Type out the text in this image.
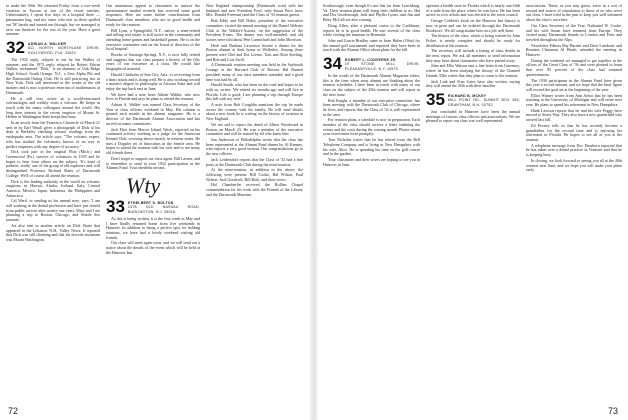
to make the 50th. We returned Friday from a two-week vacation in Tucson at one of the resort ranches. Unfortunately, I spent five days in a hospital there — pneumonia bug, and my sister who met us there spelled out 'M' hassle and nursed me through, but we managed to save our finances for the rest of the year. Have a great summer.

32 ADRIAN A. WALKER
811 NORTH NORTHLAKE DRIVE, HOLLYWOOD, FLA. 33020

The 1932 reply, relayed to me by the Walker of summer, and the 1972 reply, relayed by Robert Edwin Walker, nicknamed "Dick," is an alumnus of Oak Ridge High School, South Orange, N.J., a Zeta Alpha Phi and the Dartmouth Outing Club. He is still practicing law in New York. Dick still interested in the works of the old masters and is now a professor emeritus of mathematics at Dartmouth.

He is still very active as a world-renowned volcanologist and weekly visits a volcano. He keeps in touch with his many colleagues around the world. His long time interest in the recent eruption of Mount St. Helens in Washington State keeps him busy.

In an article from the Francisco Chronicle of March 21 sent in by Earl Wasili gives a photograph of Dick at his desk at Berkeley checking seismic readings from the earthquake area. The article says, "The volcanic expert, who has studied the volcanoes, knows of no way to predict eruptions with any degree of accuracy."

Dick took part in the original Flint (Mich.) and Greenwood (Pa.) surveys of volcanoes in 1935 and he hopes to hear from others on the subject. 'It's kind of pathetic, really,' one of the group of old explorers and, still distinguished Professor Richard Slater of Dartmouth College. We'll of course all attend the reunion.

Dick is the leading authority in the world on volcanic eruptions in Hawaii, Alaska, Iceland, Italy, Central America, Mexico, Japan, Indonesia, the Philippines and Antarctica.

Cal Ward, in sending us his annual note, says: 'I am still working in the dental profession and have just retired from public service after twenty-one years. Mary and I are planning a trip to Boston, Chicago, and Seattle this summer.'

Art also sent in another article on Dick Slater that appeared in the Lebanon, N.H., Valley News. It reported that Dick was still climbing and that his favorite mountain was Mount Washington.

Our unanimous appeal to classmates to answer the questionnaire mailed recently has received some good responses. Here are some further contributions from Dartmouth class members who are in good health and ready for the reunion.

Bill Lynn, a Springfield, N.Y., native, a semi-retired and selling real estate, is still active in the community and attending home games and basketball games. He is on the executive committee and on the board of directors of the local hospital.

Brooks of Saratoga Springs, N.Y., is now fully retired and suggests that our class prepare a history of the fifty years of our existence as a class. He would like biographical material.

Harold Chisholm of Sun City, Ariz., is recovering from a heart attack and is doing well. He is also working toward a master's degree in philosophy at Arizona State and will enjoy the trip back east in June.

We have had a note from Adrian Walker, who now lives in Florida and says he plans to attend the reunion.

Adrian A. Walker was named Class Secretary of the Year at class officers weekend in May. His column is printed each month in the alumni magazine. He is a director of the Dartmouth Alumni Association and has served on many committees.

Jack Eliot from Mercer Island, Wash., reported on his continued activity working as a judge for the American Kennel Club, covering shows mostly in western states. He uses a Doppler set of binoculars in the Seattle area. He hopes to attend the reunion with his wife and to see many old friends there.

Don't forget to support our class agent, Bill Lassen, and to remember to send in your 1932 participation in the Alumni Fund. Your obedient servant,

Wty
33 ETHELBERT S. BOLTON
1378 OLD NASSAU ROAD, BURLINGTON, N.J. 08016

As this is being written, it is the first week in May and I have finally returned home from five weekends in Hanover. In addition to being a perfect spot for holding reunions, we have had a lovely weekend visiting old friends.

Our class will meet again soon, and we will send out a notice about the details of the event which will be held at the Hanover Inn.

New England championship (Dartmouth won) with her husband and new President Ford, with Susan Price (now Mrs. Donald Freeman) and the Class of '33 reunion guests.

Bob Eddy and Bill Daley, president of the executive committee, visited the annual meeting of the Daniel Webster Club at the Waldorf-Astoria, on the suggestion of the President Evans. The dinner was well-attended, and old stories were told about Pete Carmichael and John Morrison.

Herb and Barbara Lawrence hosted a dinner for the Boston alumni at their home in Wellesley. Among those present were Chet and Dot Lorenz, Tom and Alice Keeling, and Bob and Lois Swift.

A Dartmouth reunion meeting was held in the Saybrook Lounge at the Harvard Club of Boston. Hal Barnett presided; many of our class members attended, and a good time was had by all.

Harold Smith, who has been on the road and hopes to be with us, writes: 'We retired six months ago and will live in Florida. Life is good; I am planning a trip through Europe this fall with my wife.'

A note from Bob Coughlin mentions the trip he made across the country with his family. He will send details about a new book he is writing on the history of aviation in New England.

We are sad to report the death of Albert Woodward in Boston on March 23. He was a member of the executive committee and will be missed by all who knew him.

Jim Anderson of Philadelphia writes that the class has been represented at the Alumni Fund dinner by Al Kenney, who reports a very good turnout. Our congratulations go to the new officers.

Jack Leidersdorf reports that the Class of '33 had a fine party at the Dartmouth Club during the mini-reunion.

At the mini-reunion, in addition to the above, the following were present: Bill Cooke, Hal Wilson, Paul Nelson, Jack Goodrich, Bill Roth, and their wives.

Hal Chamberlin received the Rollins Chapel commendation for his work with the Friends of the Library and the Dartmouth Museum.

Scarborough, even though it's not that far from Lynchburg, Va. Their reunion plans will bring their children to us. Hal and Dot Goodenough, Jack and Phyllis Lyons, and Jim and Betty McCall are also coming.

Doug Allen, after a pleasant cruise to the Caribbean, reports he is in good health. He met several of the class while visiting the museum in Bermuda.

John and Gracie Bradley came in from Helen (Ohio) for the annual golf tournament and reported they have been in touch with the Alumni Office about plans for the fall.

34 ROBERT L. CONVERSE JR.
19 STONE MILL DRIVE, PLEASANTVILLE, N.Y. 10570

In the words of the Dartmouth Alumni Magazine editor, this is the time when most alumni are thinking about the reunion schedules. I have been in touch with many of our class on the subject of the 45th reunion and will report in the next issue.

Bob Knight, a member of our executive committee, has been meeting with the Dartmouth Club of Chicago, where he lives, and reports that the Class of '34 is well represented in the area.

For reunion plans, a schedule is now in preparation. Each member of the class should receive a letter outlining the events and the costs during the coming month. Please return your reservation form promptly.

Tom Nicholas writes that he has retired from the Bell Telephone Company and is living in New Hampshire with his wife, Alice. He is spending his time on the golf course and in the garden.

Your classmates and their wives are hoping to see you in Hanover in June.

operates a health store in Florida which is nearly one-fifth of a mile from the place where he was born. He has been active in civic affairs and was elected to the town council.

George Cobbett's book on the Hanover Inn history is now in print and can be ordered through the Dartmouth Bookstore. We all congratulate him on a job well done.

The history of the class, which is being written by John Fisher, is nearly complete and should be ready for distribution at the reunion.

The secretary will include a listing of class deaths in the next report. We ask all members to send information they may have about classmates who have passed away.

John and Ellie Watson sent a fine letter from Guernsey, where he has been studying the history of the Channel Islands. Ellie writes that they plan to come to the reunion.

Jack Link and Fran Gates have also written, saying they will attend the 45th with their families.

35 RICHARD B. MCKEY
MILL POINT RD., SUMMIT BOX 265, GRANTHAM, N.H. 03753

Just concluded in Hanover have been the annual meetings of various class officers and associations. We are pleased to report our class was well represented.

associations. These, as you may guess, serve as a sort of reward and source of stimulation to those of us who serve our class. I have tried in the past to keep you well informed about the class's activities.

Our Class Secretary of the Year, Nathaniel W. Cooke, and his wife Susan have returned from Europe. They visited many Dartmouth friends in London and Paris and traveled throughout the Alps.

Newsletter Editors Ray Barnett and Dave Lamborn, and Reunion Chairman Al Heath, attended the meeting in Hanover.

During the weekend we managed to get together in the offices of the Great Class of '36 and were pleased to learn that over 85 percent of the class had returned questionnaires.

The 1936 participants in the Alumni Fund have given this year a record amount, and we hope that the final figure will exceed the goal set at the beginning of the year.

Elliot Warner writes from Ann Arbor that he has been teaching at the University of Michigan and will retire next year. He plans to spend his retirement in New Hampshire.

Hank Lawson reports that he and his wife Peggy have moved to Stony Way. They also have a new grandchild who arrived last fall.

Ed Pevney tells us that he has recently become a grandfather for the second time and is enjoying his retirement in Florida. He hopes to see all of you at the reunion.

A telephone message from Doc Dearborn reported that he has taken over a dental practice in Vermont and that he is keeping busy.

In closing, we look forward to seeing you all at the 40th reunion next June, and we hope you will make your plans early.

72	73
